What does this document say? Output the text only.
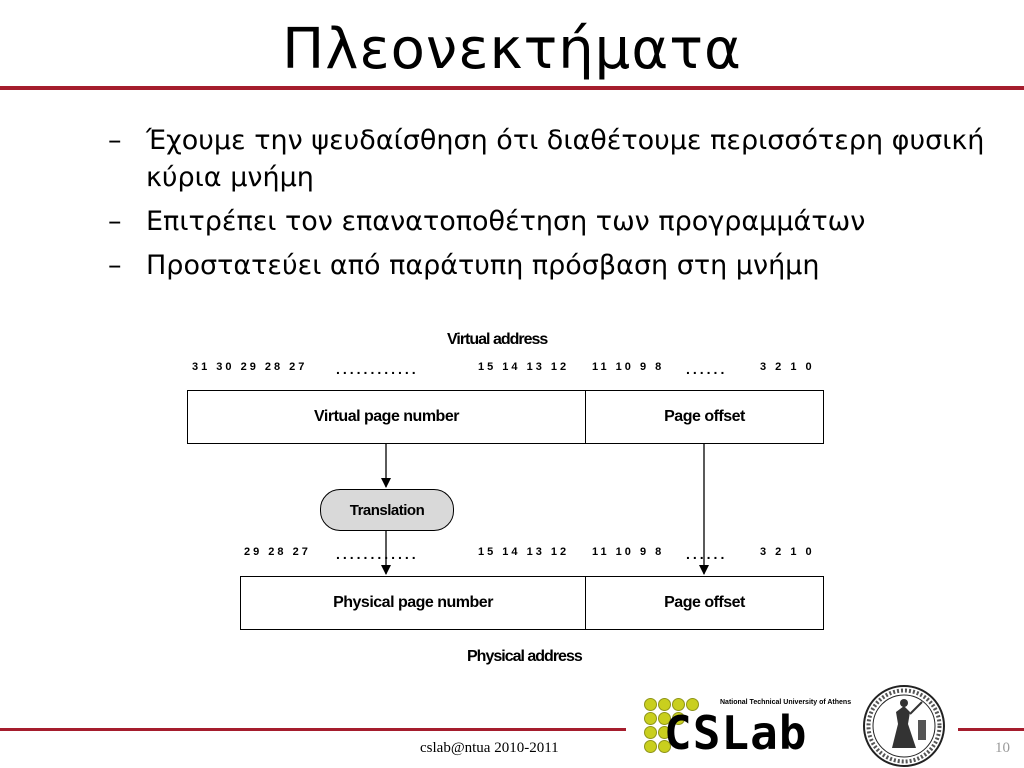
Πλεονεκτήματα
– Έχουμε την ψευδαίσθηση ότι διαθέτουμε περισσότερη φυσική κύρια μνήμη
– Επιτρέπει τον επανατοποθέτηση των προγραμμάτων
– Προστατεύει από παράτυπη πρόσβαση στη μνήμη
Virtual address
31 30 29 28 27 ............	15 14 13 12 11 10 9 8 ......	3 2 1 0
Virtual page number	Page offset
Translation
29 28 27 ............	15 14 13 12 11 10 9 8 ......	3 2 1 0
Physical page number	Page offset
Physical address
cslab@ntua 2010-2011	10
National Technical University of Athens
CSLab
